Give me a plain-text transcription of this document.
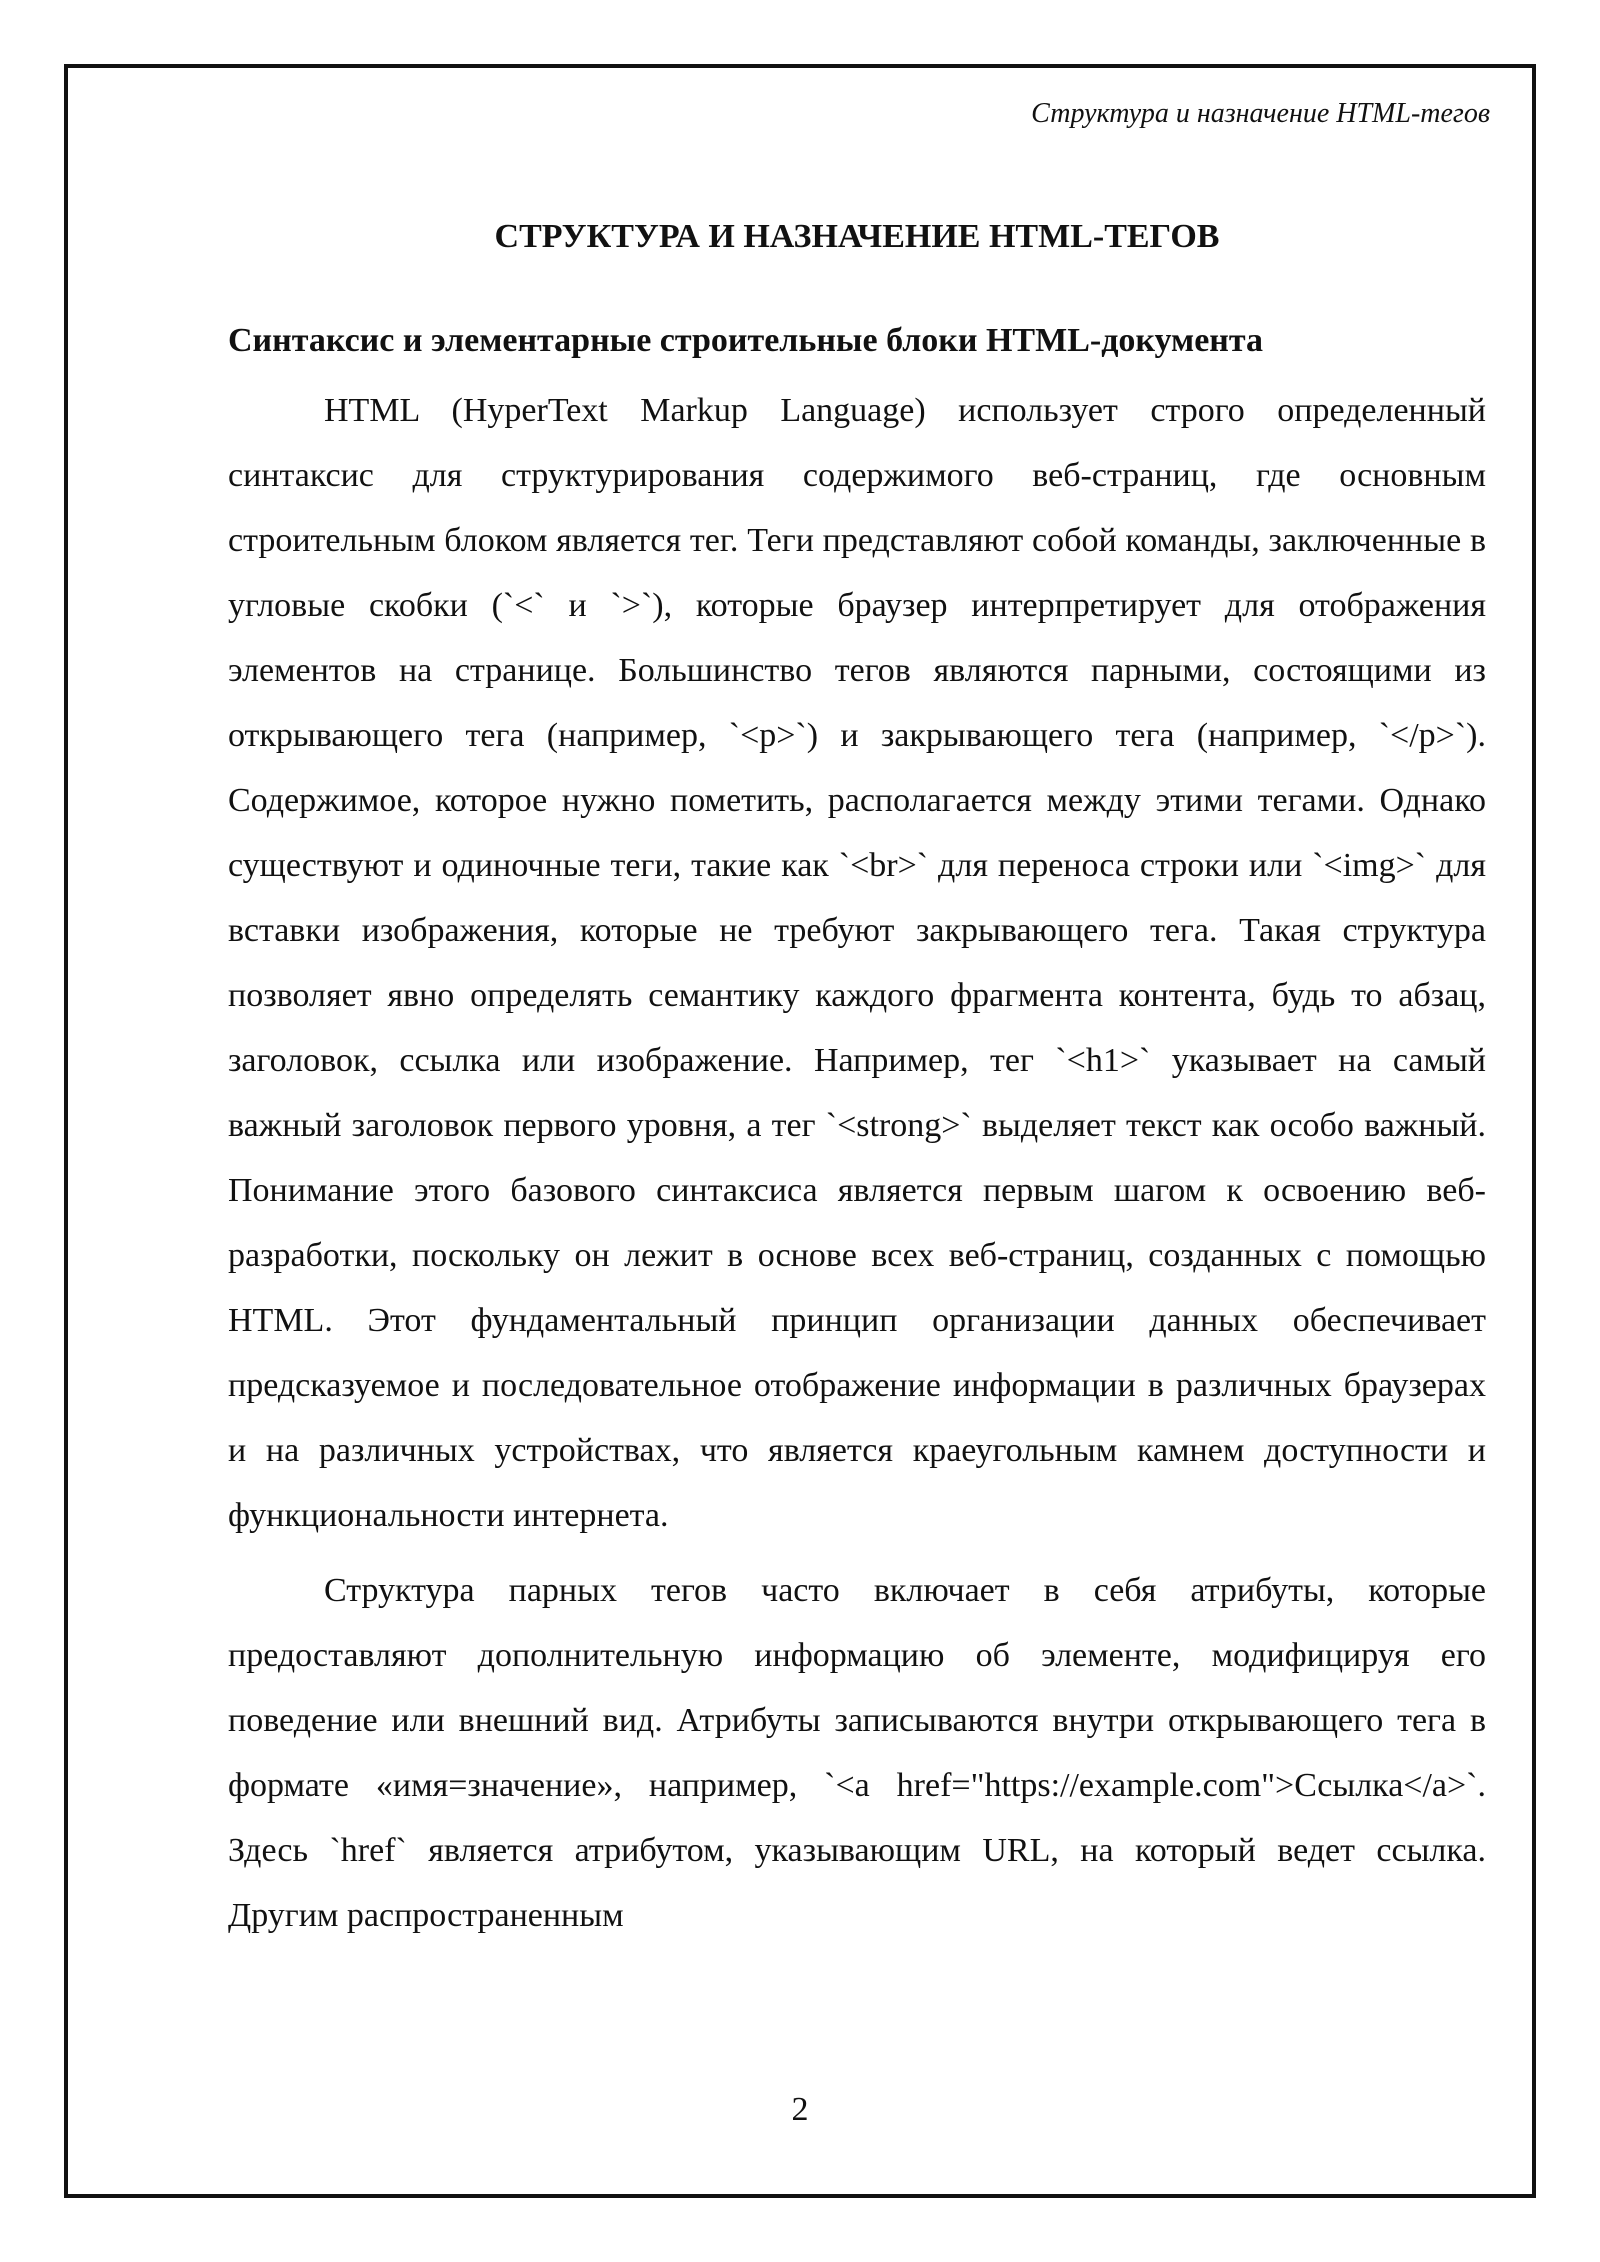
Структура и назначение HTML-тегов
СТРУКТУРА И НАЗНАЧЕНИЕ HTML-ТЕГОВ
Синтаксис и элементарные строительные блоки HTML-документа

HTML (HyperText Markup Language) использует строго определенный синтаксис для структурирования содержимого веб-страниц, где основным строительным блоком является тег. Теги представляют собой команды, заключенные в угловые скобки (`<` и `>`), которые браузер интерпретирует для отображения элементов на странице. Большинство тегов являются парными, состоящими из открывающего тега (например, `<p>`) и закрывающего тега (например, `</p>`). Содержимое, которое нужно пометить, располагается между этими тегами. Однако существуют и одиночные теги, такие как `<br>` для переноса строки или `<img>` для вставки изображения, которые не требуют закрывающего тега. Такая структура позволяет явно определять семантику каждого фрагмента контента, будь то абзац, заголовок, ссылка или изображение. Например, тег `<h1>` указывает на самый важный заголовок первого уровня, а тег `<strong>` выделяет текст как особо важный. Понимание этого базового синтаксиса является первым шагом к освоению веб-разработки, поскольку он лежит в основе всех веб-страниц, созданных с помощью HTML. Этот фундаментальный принцип организации данных обеспечивает предсказуемое и последовательное отображение информации в различных браузерах и на различных устройствах, что является краеугольным камнем доступности и функциональности интернета.

Структура парных тегов часто включает в себя атрибуты, которые предоставляют дополнительную информацию об элементе, модифицируя его поведение или внешний вид. Атрибуты записываются внутри открывающего тега в формате «имя=значение», например, `<a href="https://example.com">Ссылка</a>`. Здесь `href` является атрибутом, указывающим URL, на который ведет ссылка. Другим распространенным

2
